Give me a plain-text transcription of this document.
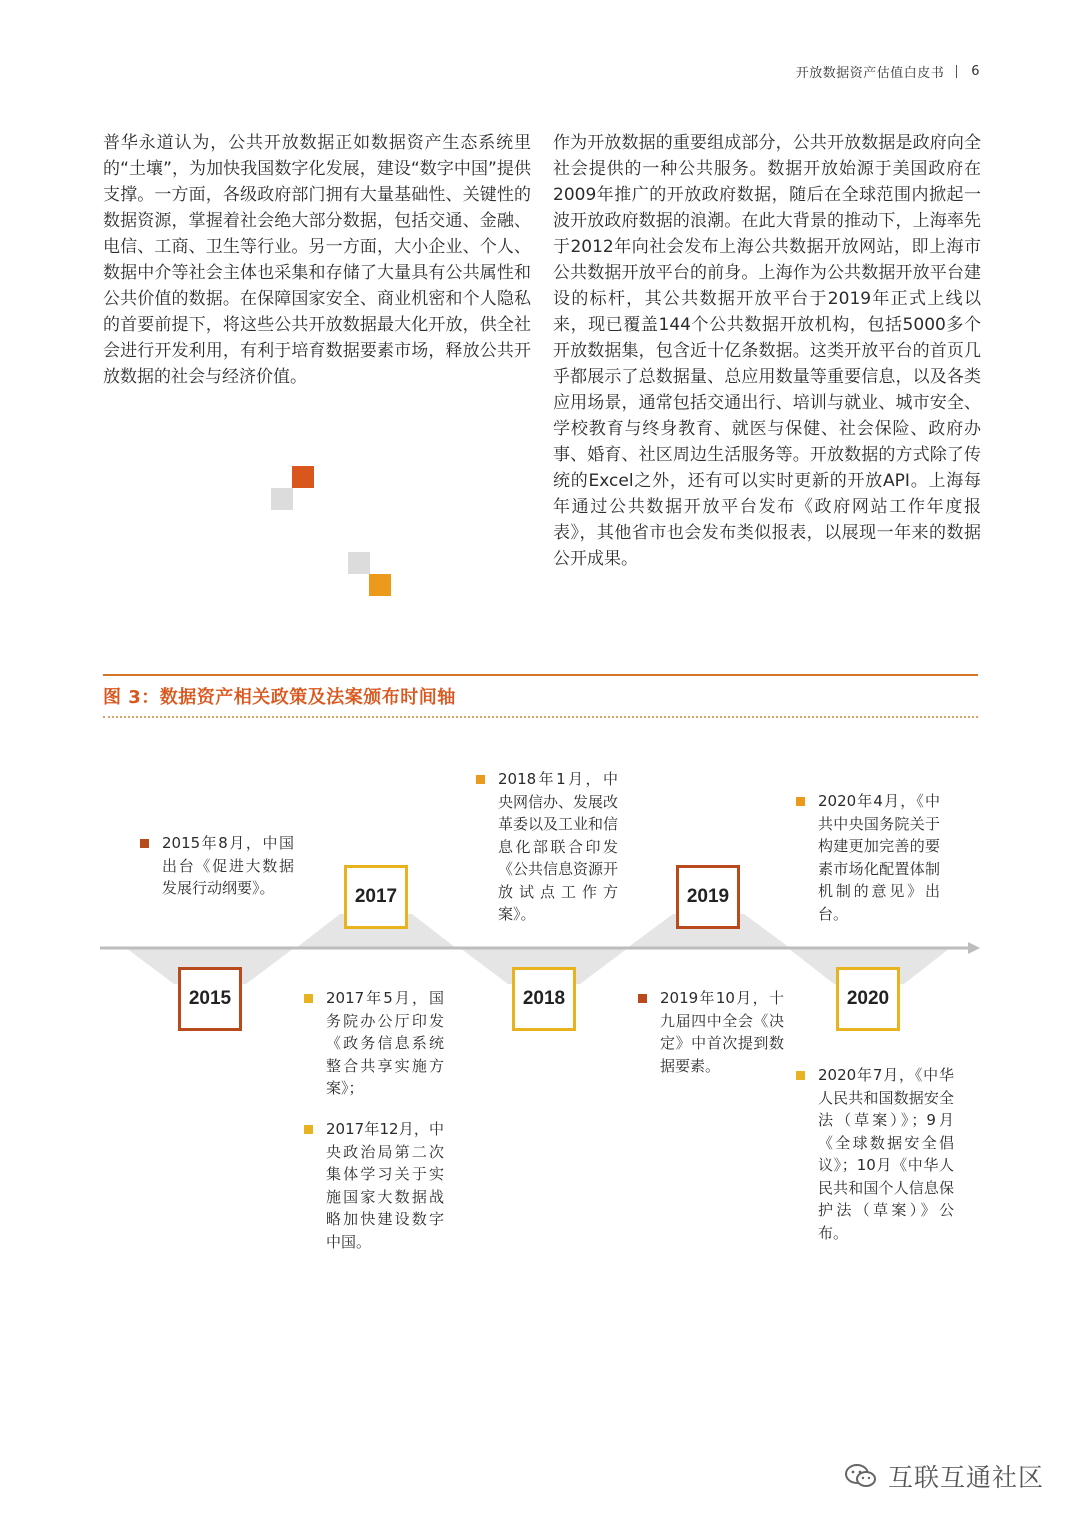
开放数据资产估值白皮书 6
普华永道认为，公共开放数据正如数据资产生态系统里的“土壤”，为加快我国数字化发展，建设“数字中国”提供支撑。一方面，各级政府部门拥有大量基础性、关键性的数据资源，掌握着社会绝大部分数据，包括交通、金融、电信、工商、卫生等行业。另一方面，大小企业、个人、数据中介等社会主体也采集和存储了大量具有公共属性和公共价值的数据。在保障国家安全、商业机密和个人隐私的首要前提下，将这些公共开放数据最大化开放，供全社会进行开发利用，有利于培育数据要素市场，释放公共开放数据的社会与经济价值。
作为开放数据的重要组成部分，公共开放数据是政府向全社会提供的一种公共服务。数据开放始源于美国政府在2009年推广的开放政府数据，随后在全球范围内掀起一波开放政府数据的浪潮。在此大背景的推动下，上海率先于2012年向社会发布上海公共数据开放网站，即上海市公共数据开放平台的前身。上海作为公共数据开放平台建设的标杆，其公共数据开放平台于2019年正式上线以来，现已覆盖144个公共数据开放机构，包括5000多个开放数据集，包含近十亿条数据。这类开放平台的首页几乎都展示了总数据量、总应用数量等重要信息，以及各类应用场景，通常包括交通出行、培训与就业、城市安全、学校教育与终身教育、就医与保健、社会保险、政府办事、婚育、社区周边生活服务等。开放数据的方式除了传统的Excel之外，还有可以实时更新的开放API。上海每年通过公共数据开放平台发布《政府网站工作年度报表》，其他省市也会发布类似报表，以展现一年来的数据公开成果。
图 3：数据资产相关政策及法案颁布时间轴
2015
2017
2018
2019
2020
2015年8月，中国出台《促进大数据发展行动纲要》。
2018年1月，中央网信办、发展改革委以及工业和信息化部联合印发《公共信息资源开放试点工作方案》。
2020年4月，《中共中央国务院关于构建更加完善的要素市场化配置体制机制的意见》出台。
2017年5月，国务院办公厅印发《政务信息系统整合共享实施方案》；
2017年12月，中央政治局第二次集体学习关于实施国家大数据战略加快建设数字中国。
2019年10月，十九届四中全会《决定》中首次提到数据要素。
2020年7月，《中华人民共和国数据安全法（草案）》；9月《全球数据安全倡议》；10月《中华人民共和国个人信息保护法（草案）》公布。
互联互通社区
